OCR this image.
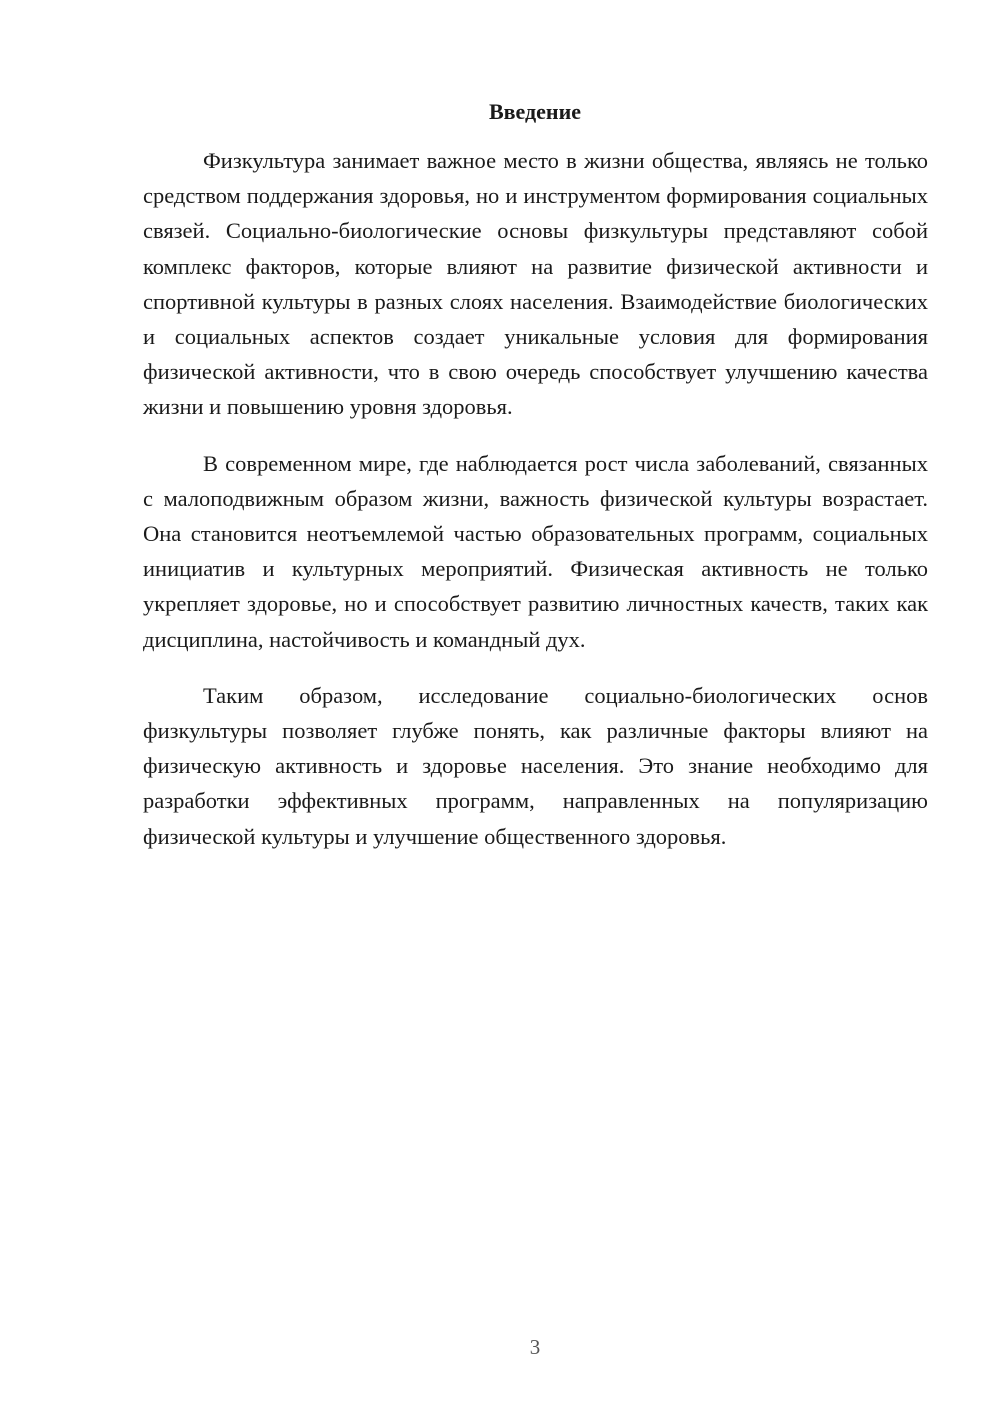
Введение

Физкультура занимает важное место в жизни общества, являясь не только средством поддержания здоровья, но и инструментом формирования социальных связей. Социально-биологические основы физкультуры представляют собой комплекс факторов, которые влияют на развитие физической активности и спортивной культуры в разных слоях населения. Взаимодействие биологических и социальных аспектов создает уникальные условия для формирования физической активности, что в свою очередь способствует улучшению качества жизни и повышению уровня здоровья.

В современном мире, где наблюдается рост числа заболеваний, связанных с малоподвижным образом жизни, важность физической культуры возрастает. Она становится неотъемлемой частью образовательных программ, социальных инициатив и культурных мероприятий. Физическая активность не только укрепляет здоровье, но и способствует развитию личностных качеств, таких как дисциплина, настойчивость и командный дух.

Таким образом, исследование социально-биологических основ физкультуры позволяет глубже понять, как различные факторы влияют на физическую активность и здоровье населения. Это знание необходимо для разработки эффективных программ, направленных на популяризацию физической культуры и улучшение общественного здоровья.

3
